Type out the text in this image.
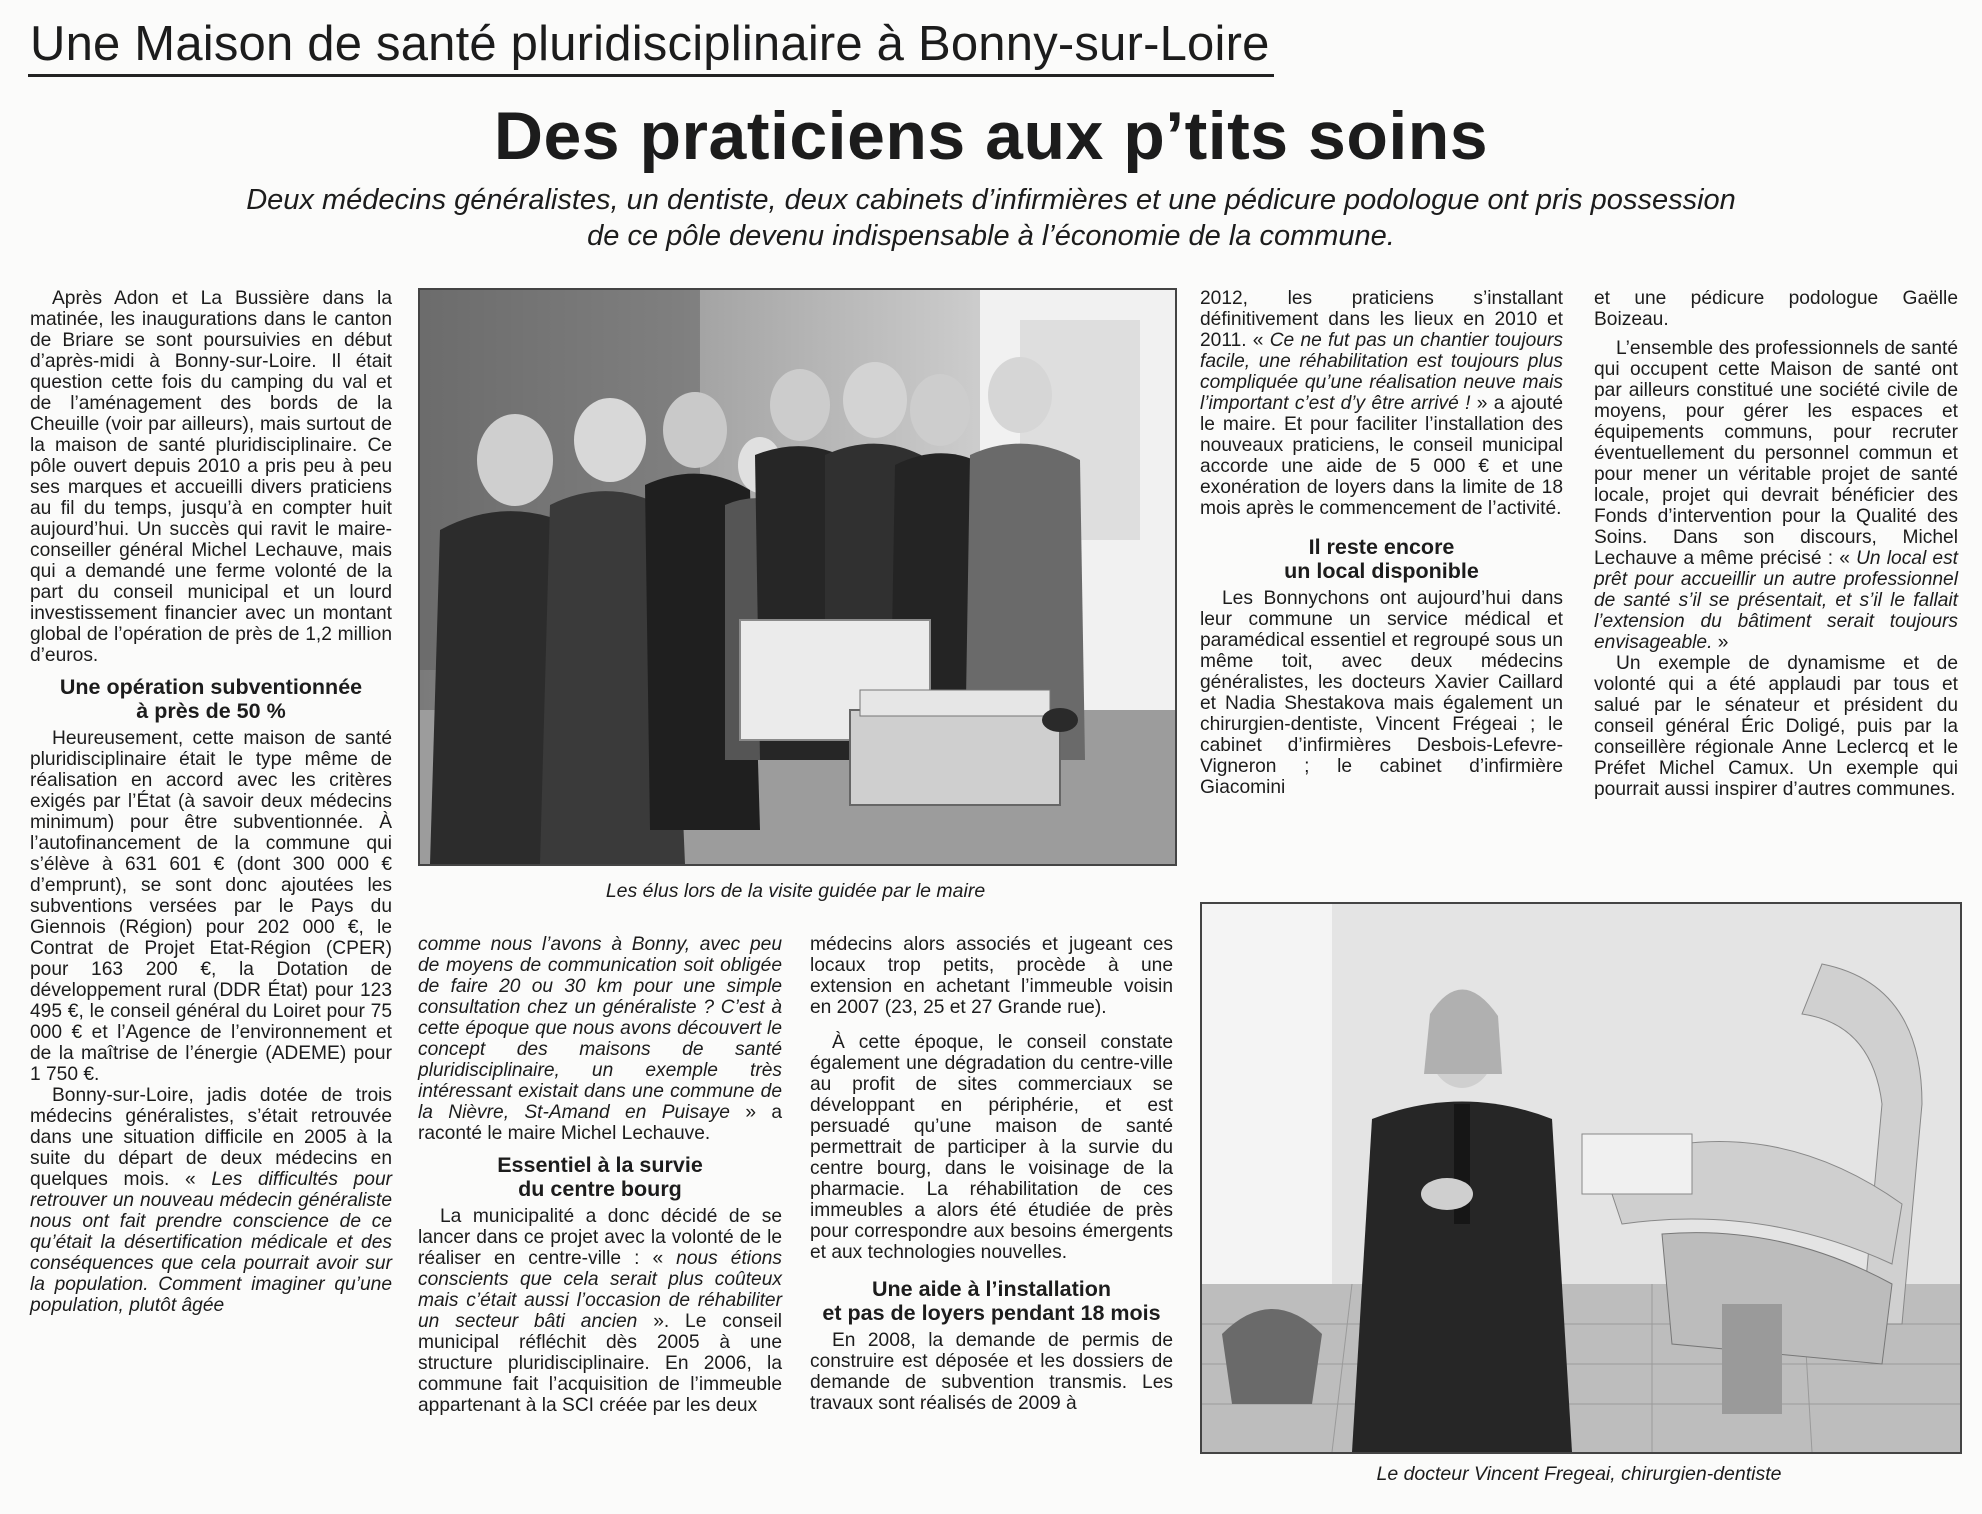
Une Maison de santé pluridisciplinaire à Bonny-sur-Loire
Des praticiens aux p’tits soins
Deux médecins généralistes, un dentiste, deux cabinets d’infirmières et une pédicure podologue ont pris possession
de ce pôle devenu indispensable à l’économie de la commune.

Après Adon et La Bussière dans la matinée, les inaugurations dans le canton de Briare se sont poursuivies en début d’après-midi à Bonny-sur-Loire. Il était question cette fois du camping du val et de l’aménagement des bords de la Cheuille (voir par ailleurs), mais surtout de la maison de santé pluridisciplinaire. Ce pôle ouvert depuis 2010 a pris peu à peu ses marques et accueilli divers praticiens au fil du temps, jusqu’à en compter huit aujourd’hui. Un succès qui ravit le maire-conseiller général Michel Lechauve, mais qui a demandé une ferme volonté de la part du conseil municipal et un lourd investissement financier avec un montant global de l’opération de près de 1,2 million d’euros.

Une opération subventionnée
à près de 50 %

Heureusement, cette maison de santé pluridisciplinaire était le type même de réalisation en accord avec les critères exigés par l’État (à savoir deux médecins minimum) pour être subventionnée. À l’autofinancement de la commune qui s’élève à 631 601 € (dont 300 000 € d’emprunt), se sont donc ajoutées les subventions versées par le Pays du Giennois (Région) pour 202 000 €, le Contrat de Projet Etat-Région (CPER) pour 163 200 €, la Dotation de développement rural (DDR État) pour 123 495 €, le conseil général du Loiret pour 75 000 € et l’Agence de l’environnement et de la maîtrise de l’énergie (ADEME) pour 1 750 €.

Bonny-sur-Loire, jadis dotée de trois médecins généralistes, s’était retrouvée dans une situation difficile en 2005 à la suite du départ de deux médecins en quelques mois. « Les difficultés pour retrouver un nouveau médecin généraliste nous ont fait prendre conscience de ce qu’était la désertification médicale et des conséquences que cela pourrait avoir sur la population. Comment imaginer qu’une population, plutôt âgée

Les élus lors de la visite guidée par le maire

comme nous l’avons à Bonny, avec peu de moyens de communication soit obligée de faire 20 ou 30 km pour une simple consultation chez un généraliste ? C’est à cette époque que nous avons découvert le concept des maisons de santé pluridisciplinaire, un exemple très intéressant existait dans une commune de la Nièvre, St-Amand en Puisaye » a raconté le maire Michel Lechauve.

Essentiel à la survie
du centre bourg

La municipalité a donc décidé de se lancer dans ce projet avec la volonté de le réaliser en centre-ville : « nous étions conscients que cela serait plus coûteux mais c’était aussi l’occasion de réhabiliter un secteur bâti ancien ». Le conseil municipal réfléchit dès 2005 à une structure pluridisciplinaire. En 2006, la commune fait l’acquisition de l’immeuble appartenant à la SCI créée par les deux

médecins alors associés et jugeant ces locaux trop petits, procède à une extension en achetant l’immeuble voisin en 2007 (23, 25 et 27 Grande rue).

À cette époque, le conseil constate également une dégradation du centre-ville au profit de sites commerciaux se développant en périphérie, et est persuadé qu’une maison de santé permettrait de participer à la survie du centre bourg, dans le voisinage de la pharmacie. La réhabilitation de ces immeubles a alors été étudiée de près pour correspondre aux besoins émergents et aux technologies nouvelles.

Une aide à l’installation
et pas de loyers pendant 18 mois

En 2008, la demande de permis de construire est déposée et les dossiers de demande de subvention transmis. Les travaux sont réalisés de 2009 à

2012, les praticiens s’installant définitivement dans les lieux en 2010 et 2011. « Ce ne fut pas un chantier toujours facile, une réhabilitation est toujours plus compliquée qu’une réalisation neuve mais l’important c’est d’y être arrivé ! » a ajouté le maire. Et pour faciliter l’installation des nouveaux praticiens, le conseil municipal accorde une aide de 5 000 € et une exonération de loyers dans la limite de 18 mois après le commencement de l’activité.

Il reste encore
un local disponible

Les Bonnychons ont aujourd’hui dans leur commune un service médical et paramédical essentiel et regroupé sous un même toit, avec deux médecins généralistes, les docteurs Xavier Caillard et Nadia Shestakova mais également un chirurgien-dentiste, Vincent Frégeai ; le cabinet d’infirmières Desbois-Lefevre-Vigneron ; le cabinet d’infirmière Giacomini

et une pédicure podologue Gaëlle Boizeau.

L’ensemble des professionnels de santé qui occupent cette Maison de santé ont par ailleurs constitué une société civile de moyens, pour gérer les espaces et équipements communs, pour recruter éventuellement du personnel commun et pour mener un véritable projet de santé locale, projet qui devrait bénéficier des Fonds d’intervention pour la Qualité des Soins. Dans son discours, Michel Lechauve a même précisé : « Un local est prêt pour accueillir un autre professionnel de santé s’il se présentait, et s’il le fallait l’extension du bâtiment serait toujours envisageable. »

Un exemple de dynamisme et de volonté qui a été applaudi par tous et salué par le sénateur et président du conseil général Éric Doligé, puis par la conseillère régionale Anne Leclercq et le Préfet Michel Camux. Un exemple qui pourrait aussi inspirer d’autres communes.

Le docteur Vincent Fregeai, chirurgien-dentiste
